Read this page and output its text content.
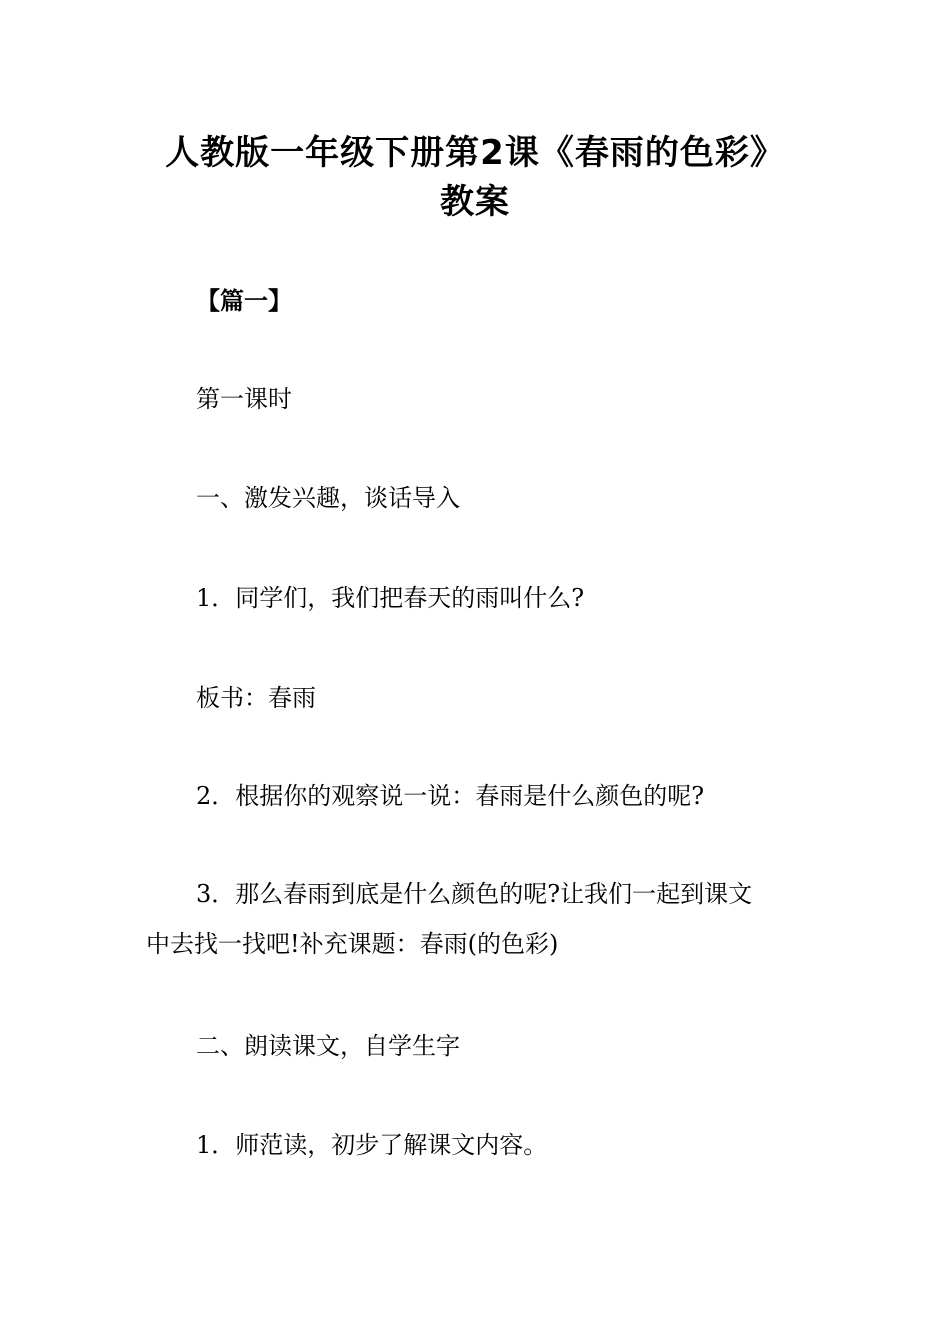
人教版一年级下册第2课《春雨的色彩》
教案
【篇一】
第一课时
一、激发兴趣，谈话导入
1．同学们，我们把春天的雨叫什么?
板书：春雨
2．根据你的观察说一说：春雨是什么颜色的呢?
3．那么春雨到底是什么颜色的呢?让我们一起到课文
中去找一找吧!补充课题：春雨(的色彩)
二、朗读课文，自学生字
1．师范读，初步了解课文内容。
